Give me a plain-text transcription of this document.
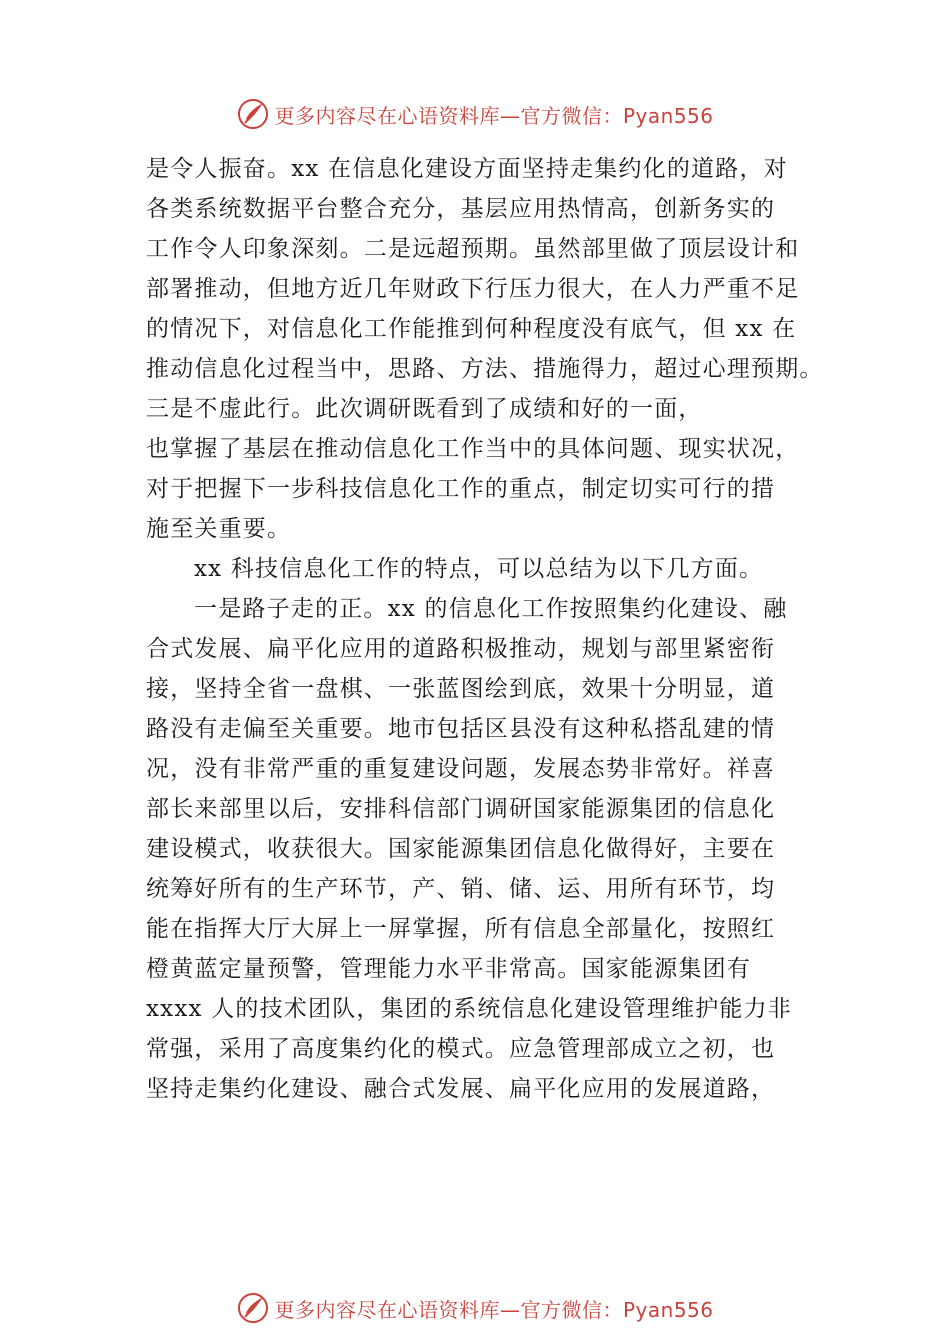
更多内容尽在心语资料库—官方微信：Pyan556
是令人振奋。xx 在信息化建设方面坚持走集约化的道路，对
各类系统数据平台整合充分，基层应用热情高，创新务实的
工作令人印象深刻。二是远超预期。虽然部里做了顶层设计和
部署推动，但地方近几年财政下行压力很大，在人力严重不足
的情况下，对信息化工作能推到何种程度没有底气，但 xx 在
推动信息化过程当中，思路、方法、措施得力，超过心理预期。
三是不虚此行。此次调研既看到了成绩和好的一面，
也掌握了基层在推动信息化工作当中的具体问题、现实状况，
对于把握下一步科技信息化工作的重点，制定切实可行的措
施至关重要。
xx 科技信息化工作的特点，可以总结为以下几方面。
一是路子走的正。xx 的信息化工作按照集约化建设、融
合式发展、扁平化应用的道路积极推动，规划与部里紧密衔
接，坚持全省一盘棋、一张蓝图绘到底，效果十分明显，道
路没有走偏至关重要。地市包括区县没有这种私搭乱建的情
况，没有非常严重的重复建设问题，发展态势非常好。祥喜
部长来部里以后，安排科信部门调研国家能源集团的信息化
建设模式，收获很大。国家能源集团信息化做得好，主要在
统筹好所有的生产环节，产、销、储、运、用所有环节，均
能在指挥大厅大屏上一屏掌握，所有信息全部量化，按照红
橙黄蓝定量预警，管理能力水平非常高。国家能源集团有
xxxx 人的技术团队，集团的系统信息化建设管理维护能力非
常强，采用了高度集约化的模式。应急管理部成立之初，也
坚持走集约化建设、融合式发展、扁平化应用的发展道路，
更多内容尽在心语资料库—官方微信：Pyan556
